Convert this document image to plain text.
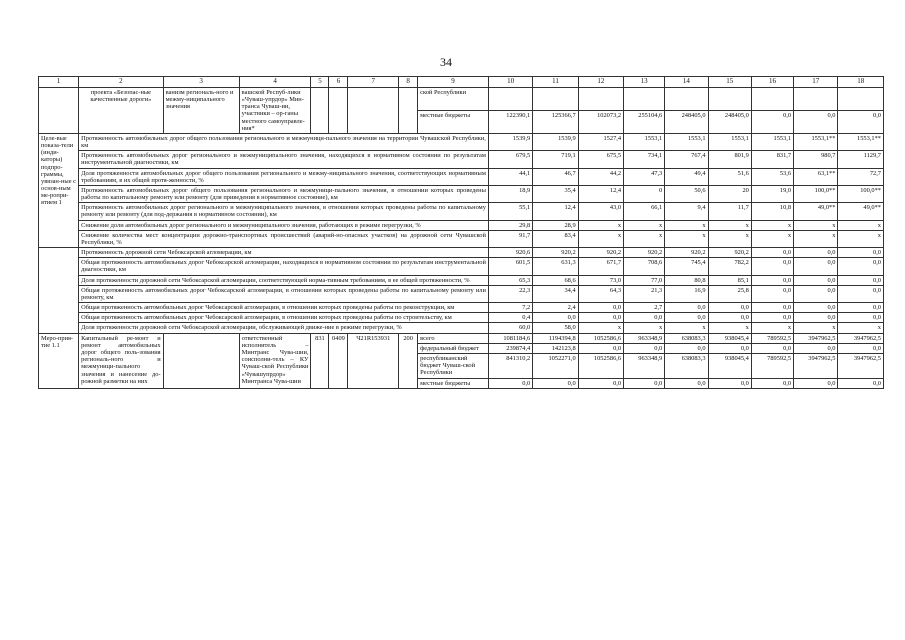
34
1	2	3	4	5	6	7	8	9	10	11	12	13	14	15	16	17	18
	проекта «Безопас-ные качественные дороги»	ванизм региональ-ного и межму-ниципального значения	вашской Респуб-лики «Чуваш-упрдор» Мин-транса Чуваш-ии, участники – ор-ганы местного самоуправле-ния*					ской Республики									
								местные бюджеты	122390,1	125366,7	102073,2	255104,6	248405,0	248405,0	0,0	0,0	0,0
Целе-вые показа-тели (инди-каторы) подпро-граммы, увязан-ные с основ-ным ме-ропри-ятием 1	Протяженность автомобильных дорог общего пользования регионального и межмуници-пального значения на территории Чувашской Республики, км								1539,9	1539,9	1527,4	1553,1	1553,1	1553,1	1553,1	1553,1**	1553,1**
	Протяженность автомобильных дорог регионального и межмуниципального значения, находящихся в нормативном состоянии по результатам инструментальной диагностики, км								679,5	719,1	675,5	734,1	767,4	801,9	831,7	980,7	1129,7
	Доля протяженности автомобильных дорог общего пользования регионального и межму-ниципального значения, соответствующих нормативным требованиям, в их общей протя-женности, %								44,1	46,7	44,2	47,3	49,4	51,6	53,6	63,1**	72,7
	Протяженность автомобильных дорог общего пользования регионального и межмуници-пального значения, в отношении которых проведены работы по капитальному ремонту или ремонту (для приведения в нормативное состояние), км								18,9	35,4	12,4	0	50,6	20	19,0	100,0**	100,0**
	Протяженность автомобильных дорог регионального и межмуниципального значения, в отношении которых проведены работы по капитальному ремонту или ремонту (для под-держания в нормативном состоянии), км								55,1	12,4	43,0	66,1	9,4	11,7	10,8	49,0**	49,0**
	Снижение доли автомобильных дорог регионального и межмуниципального значения, работающих в режиме перегрузки, %								29,8	28,9	x	x	x	x	x	x	x
	Снижение количества мест концентрации дорожно-транспортных происшествий (аварий-но-опасных участков) на дорожной сети Чувашской Республики, %								91,7	83,4	x	x	x	x	x	x	x
	Протяженность дорожной сети Чебоксарской агломерации, км								920,6	920,2	920,2	920,2	920,2	920,2	0,0	0,0	0,0
	Общая протяженность автомобильных дорог Чебоксарской агломерации, находящихся в нормативном состоянии по результатам инструментальной диагностики, км								601,5	631,3	671,7	708,6	745,4	782,2	0,0	0,0	0,0
	Доля протяженности дорожной сети Чебоксарской агломерации, соответствующей норма-тивным требованиям, в ее общей протяженности, %								65,3	68,6	73,0	77,0	80,8	85,1	0,0	0,0	0,0
	Общая протяженность автомобильных дорог Чебоксарской агломерации, в отношении которых проведены работы по капитальному ремонту или ремонту, км								22,3	34,4	64,3	21,3	16,9	25,8	0,0	0,0	0,0
	Общая протяженность автомобильных дорог Чебоксарской агломерации, в отношении которых проведены работы по реконструкции, км								7,2	2,4	0,0	2,7	0,0	0,0	0,0	0,0	0,0
	Общая протяженность автомобильных дорог Чебоксарской агломерации, в отношении которых проведены работы по строительству, км								0,4	0,0	0,0	0,0	0,0	0,0	0,0	0,0	0,0
	Доля протяженности дорожной сети Чебоксарской агломерации, обслуживающей движе-ние в режиме перегрузки, %								60,0	58,0	x	x	x	x	x	x	x
Меро-прия-тие 1.1	Капитальный ре-монт и ремонт автомобильных дорог общего поль-зования региональ-ного и межмуници-пального значения и нанесение до-рожной разметки на них		ответственный исполнитель – Минтранс Чува-шии, соисполни-тель – КУ Чуваш-ской Республики «Чувашупрдор» Минтранса Чува-шии	831	0409	Ч21R153931	200	всего	1081184,6	1194394,8	1052586,6	963348,9	638083,3	938045,4	789592,5	3947962,5	3947962,5
								федеральный бюджет	239874,4	142123,8	0,0	0,0	0,0	0,0	0,0	0,0	0,0
								республиканский бюджет Чуваш-ской Республики	841310,2	1052271,0	1052586,6	963348,9	638083,3	938045,4	789592,5	3947962,5	3947962,5
								местные бюджеты	0,0	0,0	0,0	0,0	0,0	0,0	0,0	0,0	0,0
